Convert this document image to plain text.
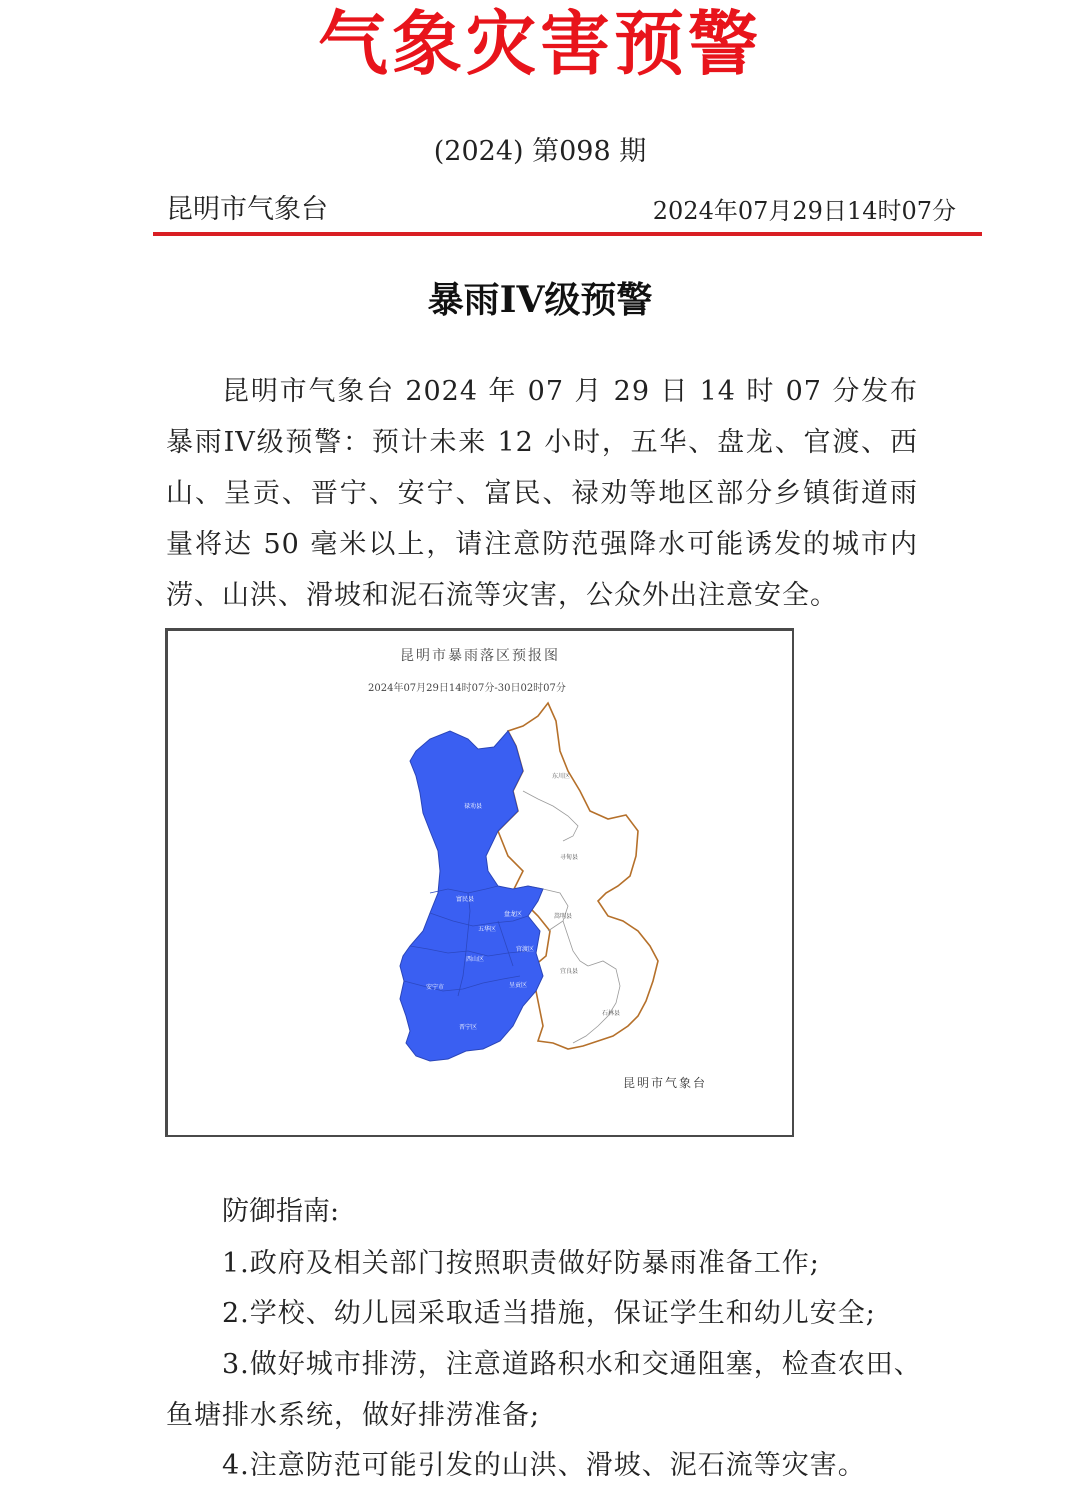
气象灾害预警
(2024) 第098 期
昆明市气象台	2024年07月29日14时07分
暴雨IV级预警
昆明市气象台 2024 年 07 月 29 日 14 时 07 分发布暴雨IV级预警：预计未来 12 小时，五华、盘龙、官渡、西山、呈贡、晋宁、安宁、富民、禄劝等地区部分乡镇街道雨量将达 50 毫米以上，请注意防范强降水可能诱发的城市内涝、山洪、滑坡和泥石流等灾害，公众外出注意安全。
昆明市暴雨落区预报图
2024年07月29日14时07分-30日02时07分
禄劝县
富民县
盘龙区
五华区
官渡区
西山区
安宁市	呈贡区
晋宁区
东川区
寻甸县
嵩明县
宜良县
石林县
昆明市气象台
防御指南:
1.政府及相关部门按照职责做好防暴雨准备工作;
2.学校、幼儿园采取适当措施，保证学生和幼儿安全;
3.做好城市排涝，注意道路积水和交通阻塞，检查农田、鱼塘排水系统，做好排涝准备;
4.注意防范可能引发的山洪、滑坡、泥石流等灾害。
